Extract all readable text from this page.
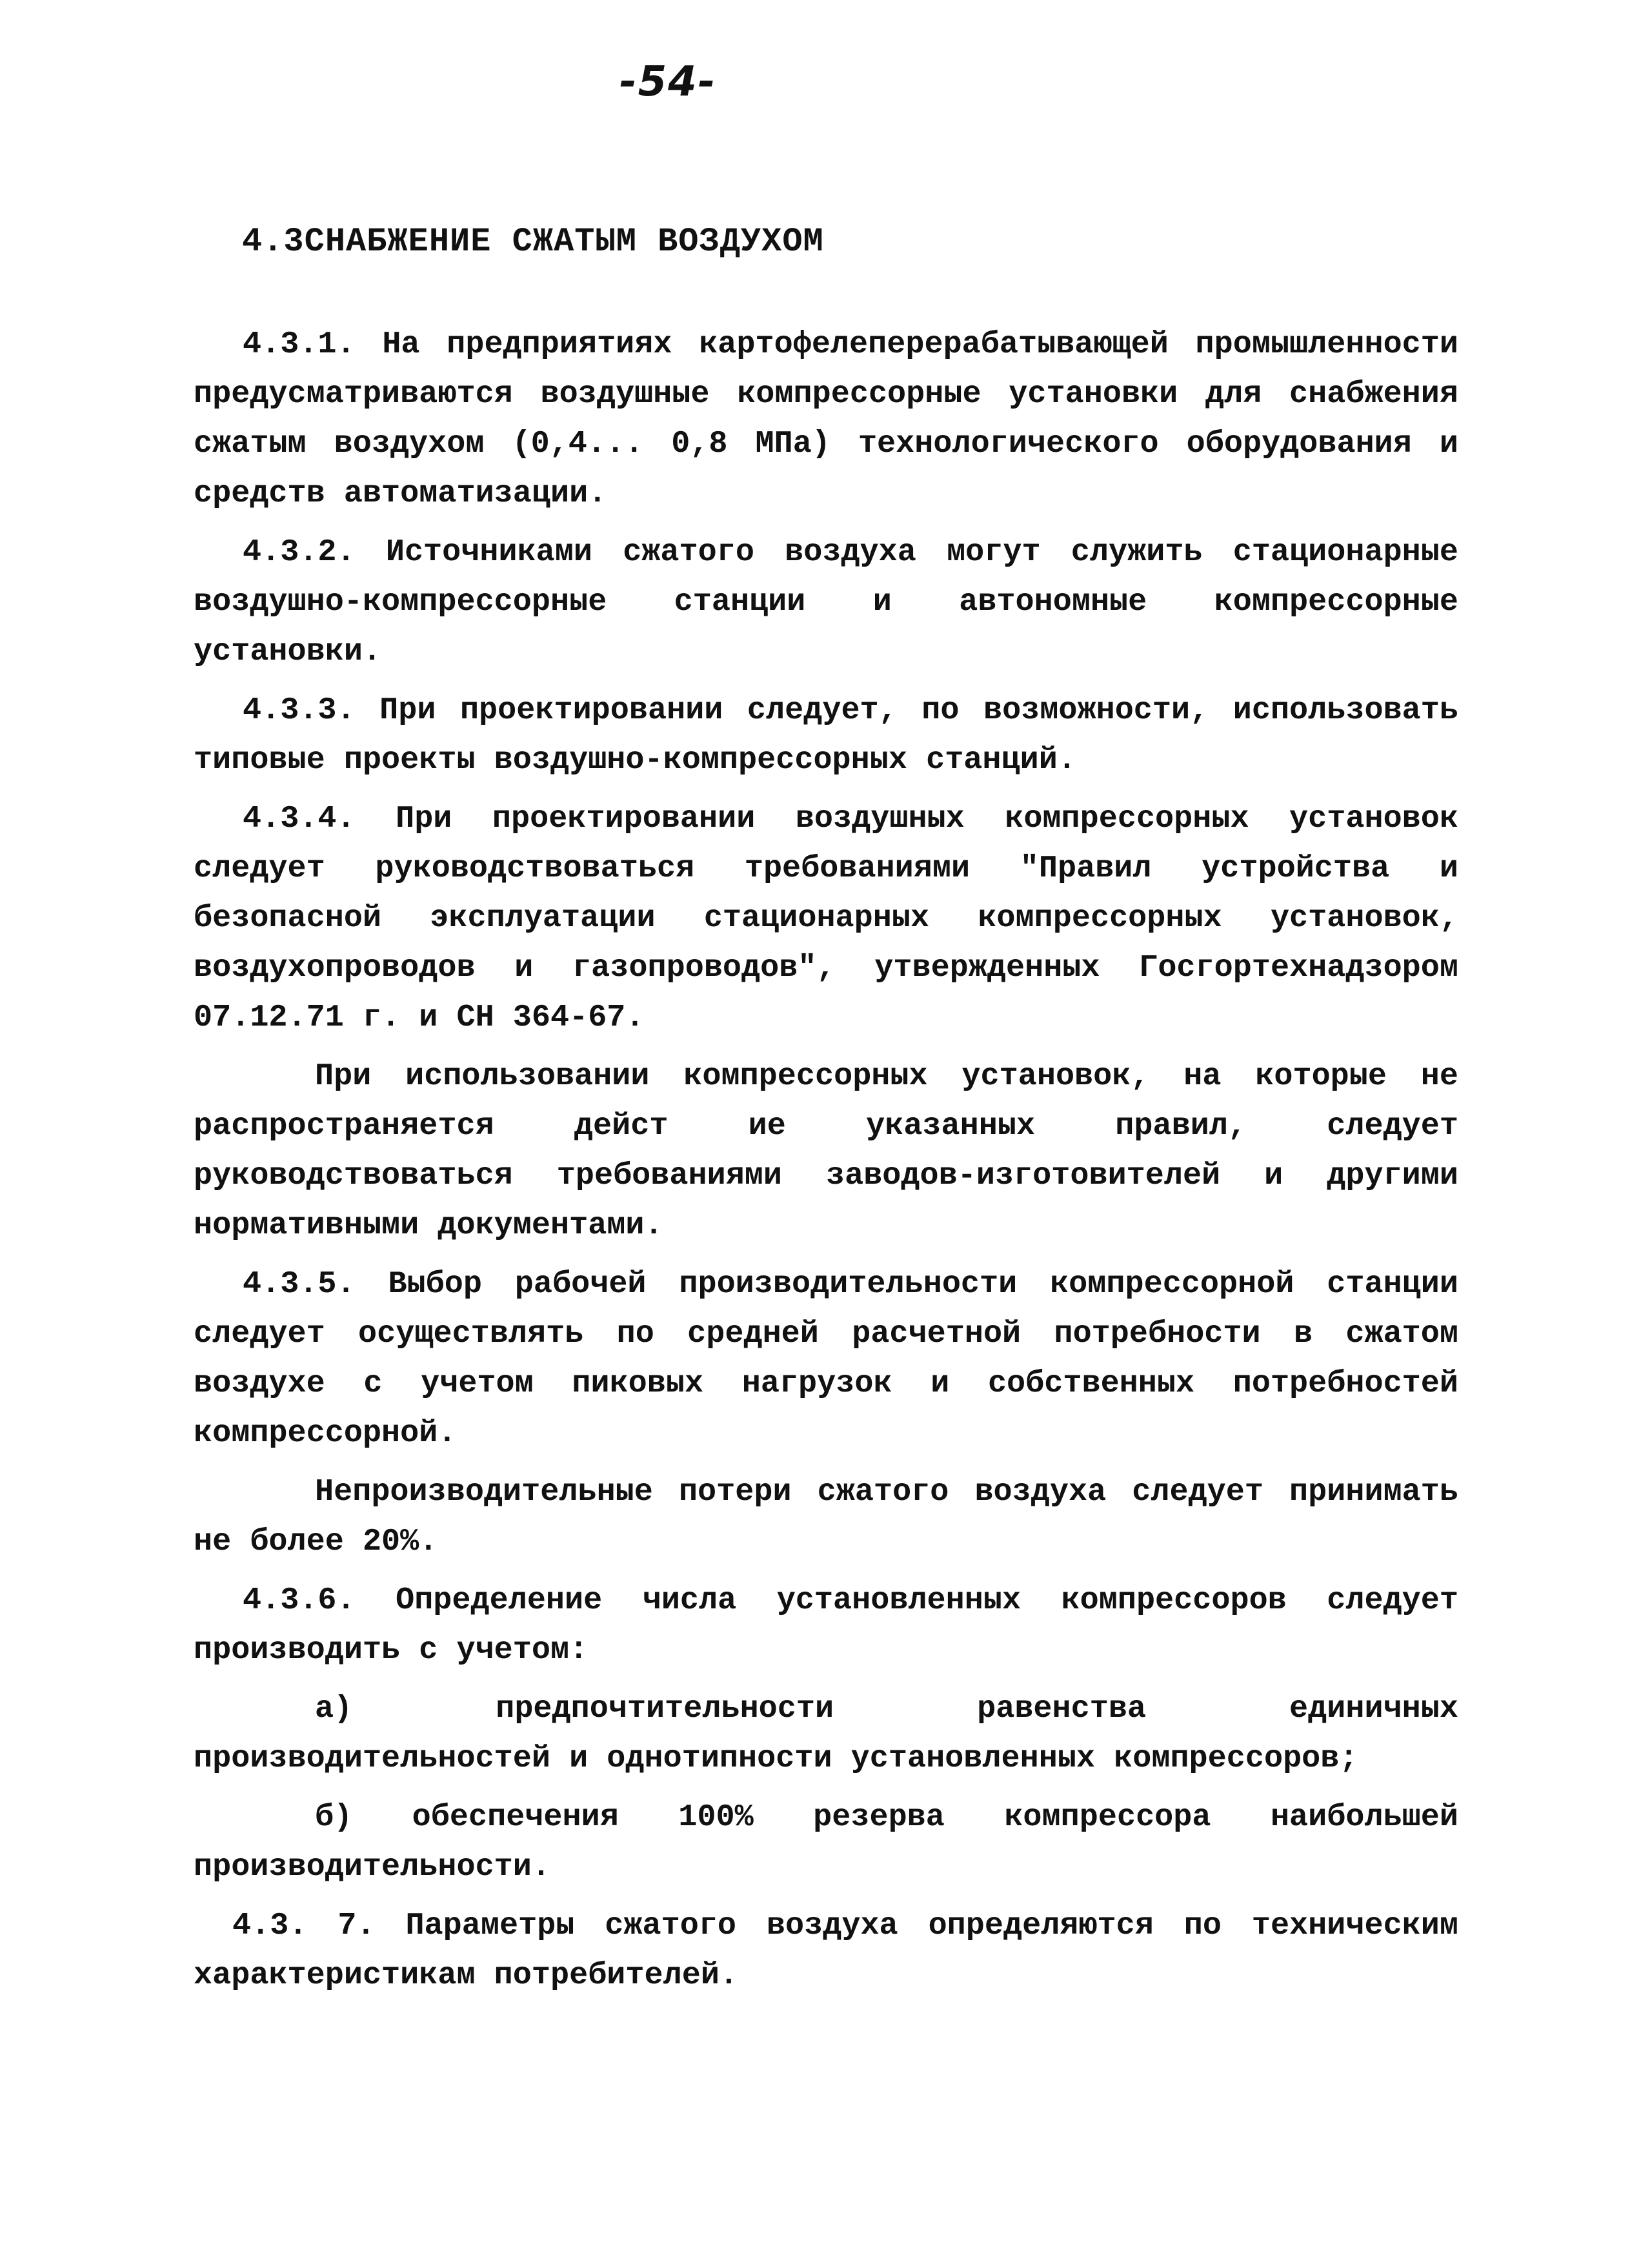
-54-
4.3СНАБЖЕНИЕ СЖАТЫМ ВОЗДУХОМ

4.3.1. На предприятиях картофелеперерабатывающей промышленности предусматриваются воздушные компрессорные установки для снабжения сжатым воздухом (0,4... 0,8 МПа) технологического оборудования и средств автоматизации.

4.3.2. Источниками сжатого воздуха могут служить стационарные воздушно-компрессорные станции и автономные компрессорные установки.

4.3.3. При проектировании следует, по возможности, использовать типовые проекты воздушно-компрессорных станций.

4.3.4. При проектировании воздушных компрессорных установок следует руководствоваться требованиями "Правил устройства и безопасной эксплуатации стационарных компрессорных установок, воздухопроводов и газопроводов", утвержденных Госгортехнадзором 07.12.71 г. и СН 364-67.

При использовании компрессорных установок, на которые не распространяется дейст ие указанных правил, следует руководствоваться требованиями заводов-изготовителей и другими нормативными документами.

4.3.5. Выбор рабочей производительности компрессорной станции следует осуществлять по средней расчетной потребности в сжатом воздухе с учетом пиковых нагрузок и собственных потребностей компрессорной.

Непроизводительные потери сжатого воздуха следует принимать не более 20%.

4.3.6. Определение числа установленных компрессоров следует производить с учетом:

а) предпочтительности равенства единичных производительностей и однотипности установленных компрессоров;

б) обеспечения 100% резерва компрессора наибольшей производительности.

4.3. 7. Параметры сжатого воздуха определяются по техническим характеристикам потребителей.
